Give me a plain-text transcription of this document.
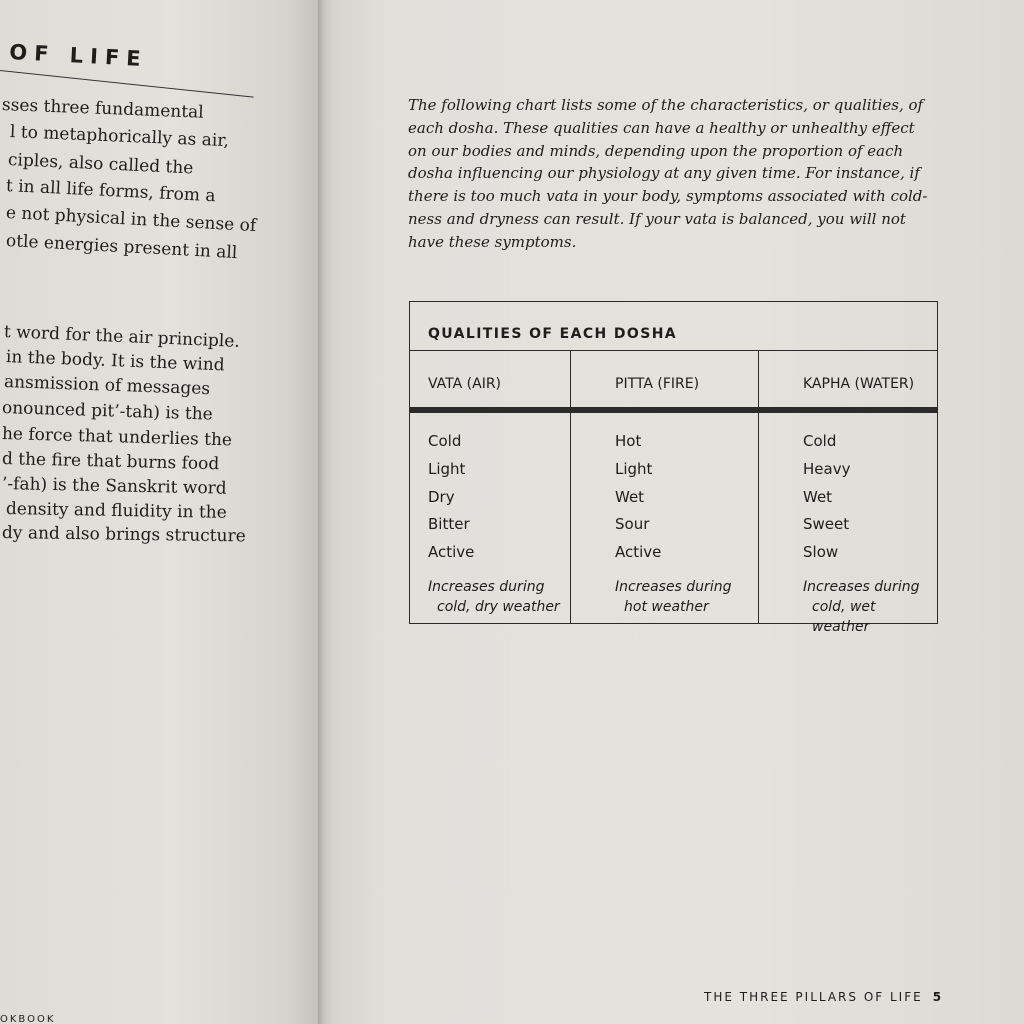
OF LIFE
sses three fundamental
l to metaphorically as air,
ciples, also called the
t in all life forms, from a
e not physical in the sense of
otle energies present in all
t word for the air principle.
in the body. It is the wind
ansmission of messages
onounced pit’-tah) is the
he force that underlies the
d the fire that burns food
’-fah) is the Sanskrit word
density and fluidity in the
dy and also brings structure
OKBOOK
The following chart lists some of the characteristics, or qualities, of
each dosha. These qualities can have a healthy or unhealthy effect
on our bodies and minds, depending upon the proportion of each
dosha influencing our physiology at any given time. For instance, if
there is too much vata in your body, symptoms associated with cold-
ness and dryness can result. If your vata is balanced, you will not
have these symptoms.
QUALITIES OF EACH DOSHA
VATA (AIR)	PITTA (FIRE)	KAPHA (WATER)
Cold
Light
Dry
Bitter
Active
Hot
Light
Wet
Sour
Active
Cold
Heavy
Wet
Sweet
Slow
Increases during
cold, dry weather
Increases during
hot weather
Increases during
cold, wet weather
THE THREE PILLARS OF LIFE 5
